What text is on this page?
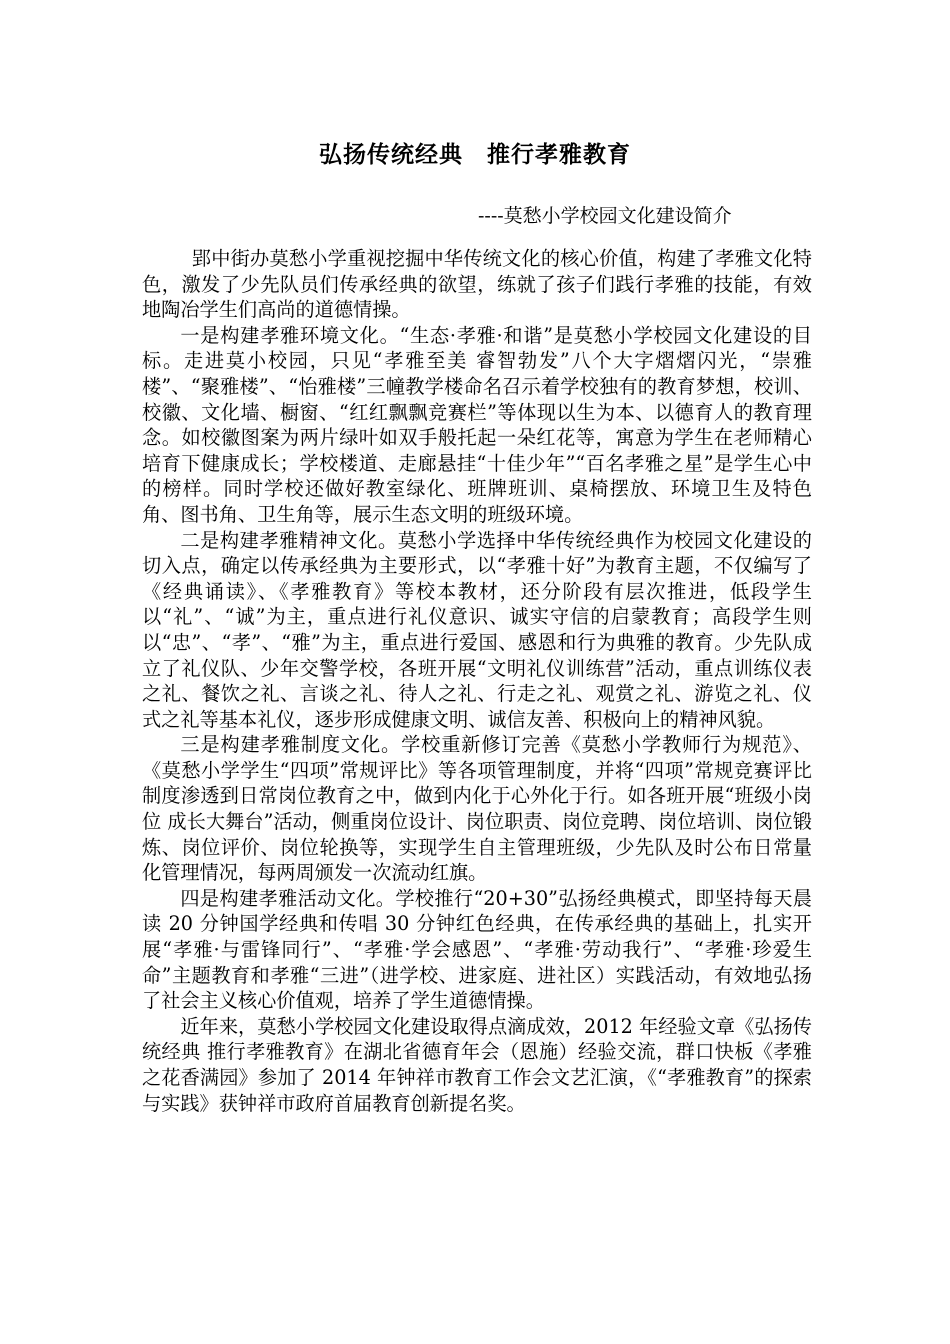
弘扬传统经典　推行孝雅教育
----莫愁小学校园文化建设简介

郢中街办莫愁小学重视挖掘中华传统文化的核心价值，构建了孝雅文化特色，激发了少先队员们传承经典的欲望，练就了孩子们践行孝雅的技能，有效地陶冶学生们高尚的道德情操。

一是构建孝雅环境文化。“生态·孝雅·和谐”是莫愁小学校园文化建设的目标。走进莫小校园，只见“孝雅至美 睿智勃发”八个大字熠熠闪光，“崇雅楼”、“聚雅楼”、“怡雅楼”三幢教学楼命名召示着学校独有的教育梦想，校训、校徽、文化墙、橱窗、“红红飘飘竞赛栏”等体现以生为本、以德育人的教育理念。如校徽图案为两片绿叶如双手般托起一朵红花等，寓意为学生在老师精心培育下健康成长；学校楼道、走廊悬挂“十佳少年”“百名孝雅之星”是学生心中的榜样。同时学校还做好教室绿化、班牌班训、桌椅摆放、环境卫生及特色角、图书角、卫生角等，展示生态文明的班级环境。

二是构建孝雅精神文化。莫愁小学选择中华传统经典作为校园文化建设的切入点，确定以传承经典为主要形式，以“孝雅十好”为教育主题，不仅编写了《经典诵读》、《孝雅教育》等校本教材，还分阶段有层次推进，低段学生以“礼”、“诚”为主，重点进行礼仪意识、诚实守信的启蒙教育；高段学生则以“忠”、“孝”、“雅”为主，重点进行爱国、感恩和行为典雅的教育。少先队成立了礼仪队、少年交警学校，各班开展“文明礼仪训练营”活动，重点训练仪表之礼、餐饮之礼、言谈之礼、待人之礼、行走之礼、观赏之礼、游览之礼、仪式之礼等基本礼仪，逐步形成健康文明、诚信友善、积极向上的精神风貌。

三是构建孝雅制度文化。学校重新修订完善《莫愁小学教师行为规范》、《莫愁小学学生“四项”常规评比》等各项管理制度，并将“四项”常规竞赛评比制度渗透到日常岗位教育之中，做到内化于心外化于行。如各班开展“班级小岗位 成长大舞台”活动，侧重岗位设计、岗位职责、岗位竞聘、岗位培训、岗位锻炼、岗位评价、岗位轮换等，实现学生自主管理班级，少先队及时公布日常量化管理情况，每两周颁发一次流动红旗。

四是构建孝雅活动文化。学校推行“20+30”弘扬经典模式，即坚持每天晨读 20 分钟国学经典和传唱 30 分钟红色经典，在传承经典的基础上，扎实开展“孝雅·与雷锋同行”、“孝雅·学会感恩”、“孝雅·劳动我行”、“孝雅·珍爱生命”主题教育和孝雅“三进”（进学校、进家庭、进社区）实践活动，有效地弘扬了社会主义核心价值观，培养了学生道德情操。

近年来，莫愁小学校园文化建设取得点滴成效，2012 年经验文章《弘扬传统经典 推行孝雅教育》在湖北省德育年会（恩施）经验交流，群口快板《孝雅之花香满园》参加了 2014 年钟祥市教育工作会文艺汇演，《“孝雅教育”的探索与实践》获钟祥市政府首届教育创新提名奖。
